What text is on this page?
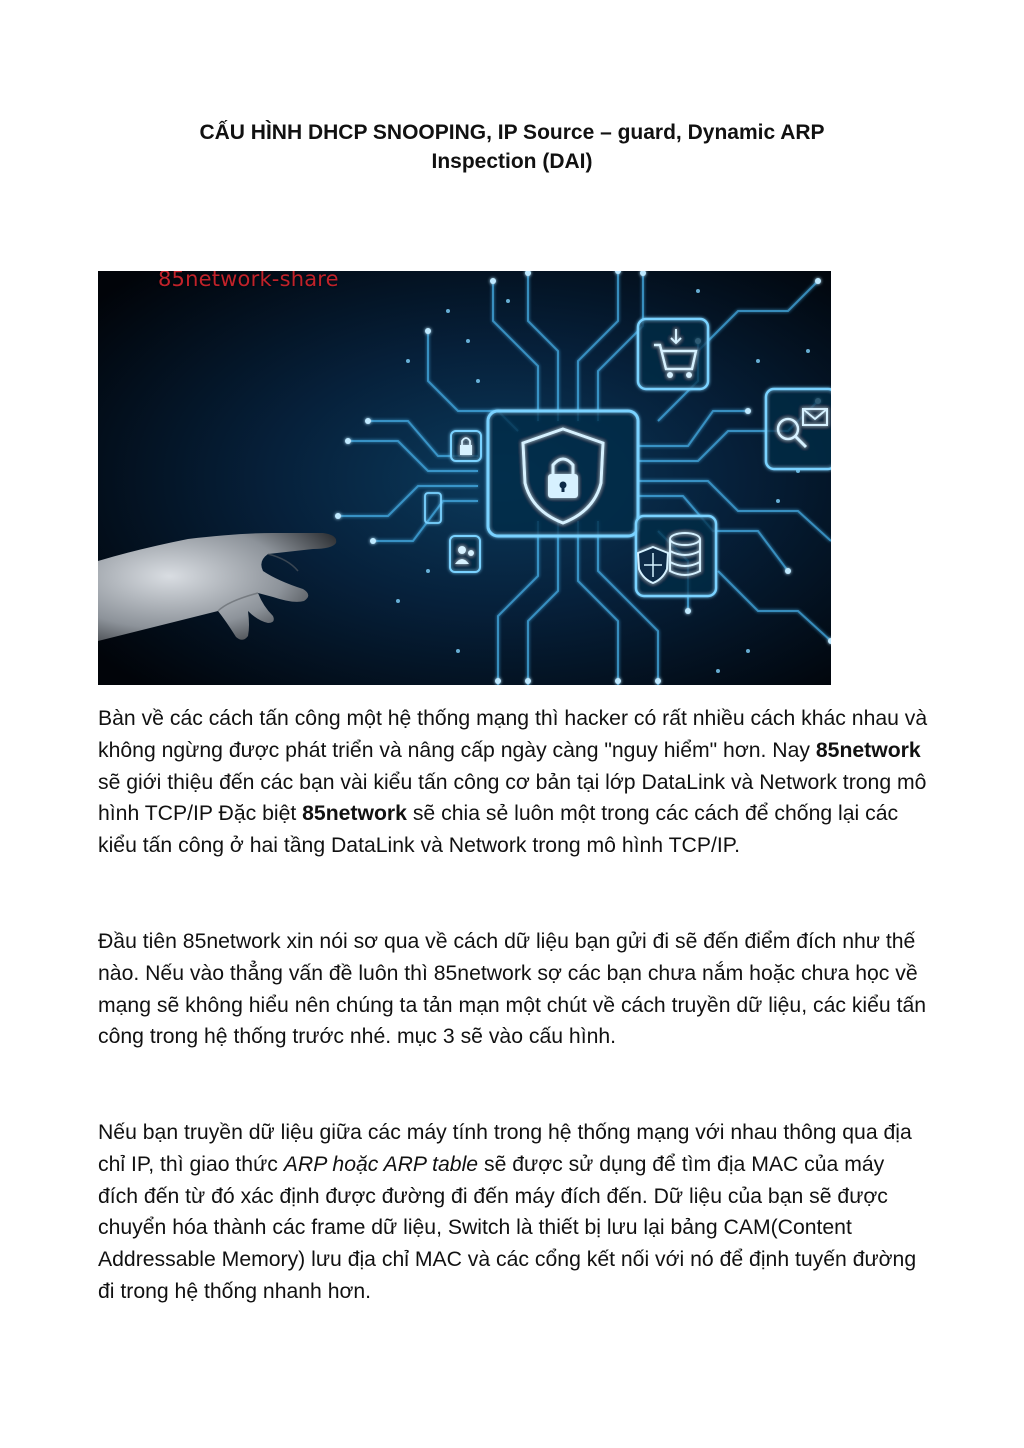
CẤU HÌNH DHCP SNOOPING, IP Source – guard, Dynamic ARP
Inspection (DAI)
85network-share

Bàn về các cách tấn công một hệ thống mạng thì hacker có rất nhiều cách khác nhau và không ngừng được phát triển và nâng cấp ngày càng "nguy hiểm" hơn. Nay 85network sẽ giới thiệu đến các bạn vài kiểu tấn công cơ bản tại lớp DataLink và Network trong mô hình TCP/IP Đặc biệt 85network sẽ chia sẻ luôn một trong các cách để chống lại các kiểu tấn công ở hai tầng DataLink và Network trong mô hình TCP/IP.

Đầu tiên 85network xin nói sơ qua về cách dữ liệu bạn gửi đi sẽ đến điểm đích như thế nào. Nếu vào thẳng vấn đề luôn thì 85network sợ các bạn chưa nắm hoặc chưa học về mạng sẽ không hiểu nên chúng ta tản mạn một chút về cách truyền dữ liệu, các kiểu tấn công trong hệ thống trước nhé. mục 3 sẽ vào cấu hình.

Nếu bạn truyền dữ liệu giữa các máy tính trong hệ thống mạng với nhau thông qua địa chỉ IP, thì giao thức ARP hoặc ARP table sẽ được sử dụng để tìm địa MAC của máy đích đến từ đó xác định được đường đi đến máy đích đến. Dữ liệu của bạn sẽ được chuyển hóa thành các frame dữ liệu, Switch là thiết bị lưu lại bảng CAM(Content Addressable Memory) lưu địa chỉ MAC và các cổng kết nối với nó để định tuyến đường đi trong hệ thống nhanh hơn.
